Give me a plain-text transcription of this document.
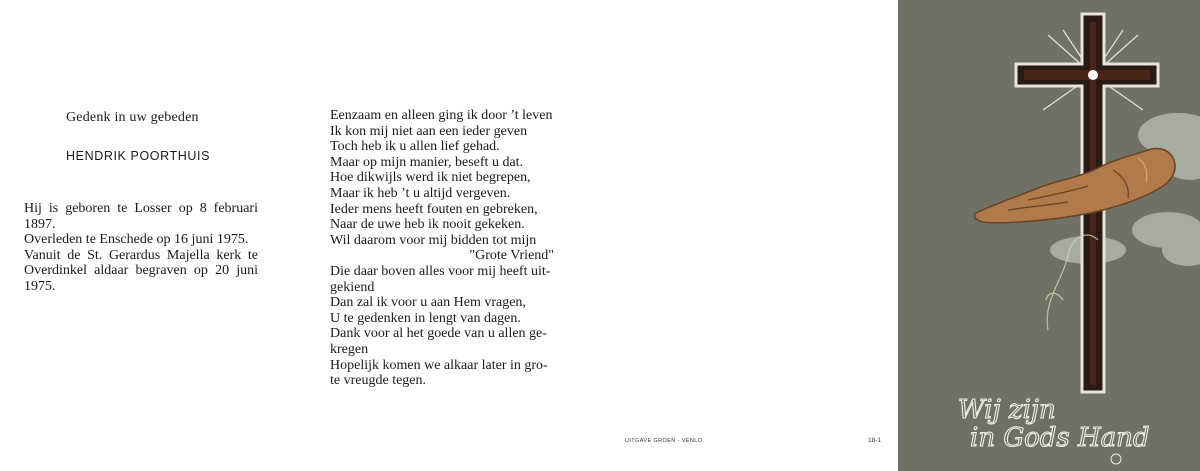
Gedenk in uw gebeden
HENDRIK POORTHUIS

Hij is geboren te Losser op 8 februari 1897.

Overleden te Enschede op 16 juni 1975.

Vanuit de St. Gerardus Majella kerk te Overdinkel aldaar begraven op 20 juni 1975.

Eenzaam en alleen ging ik door ’t leven
Ik kon mij niet aan een ieder geven
Toch heb ik u allen lief gehad.
Maar op mijn manier, beseft u dat.
Hoe dikwijls werd ik niet begrepen,
Maar ik heb ’t u altijd vergeven.
Ieder mens heeft fouten en gebreken,
Naar de uwe heb ik nooit gekeken.
Wil daarom voor mij bidden tot mijn
"Grote Vriend"
Die daar boven alles voor mij heeft uit-
gekiend
Dan zal ik voor u aan Hem vragen,
U te gedenken in lengt van dagen.
Dank voor al het goede van u allen ge-
kregen
Hopelijk komen we alkaar later in gro-
te vreugde tegen.
UITGAVE GROEN - VENLO	18-1
Wij zijn
in Gods Hand
